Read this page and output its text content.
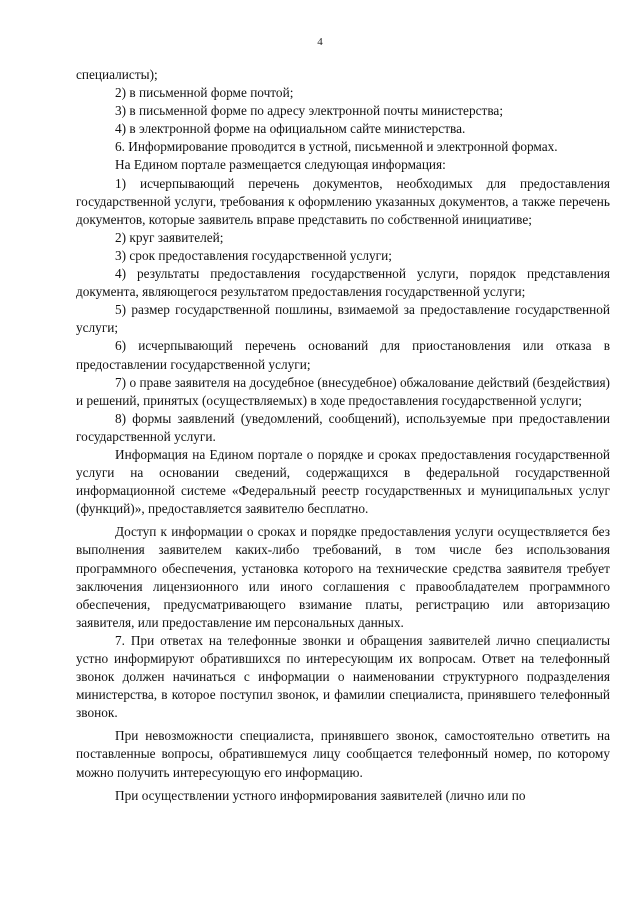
4

специалисты);

2) в письменной форме почтой;

3) в письменной форме по адресу электронной почты министерства;

4) в электронной форме на официальном сайте министерства.

6. Информирование проводится в устной, письменной и электронной формах.

На Едином портале размещается следующая информация:

1) исчерпывающий перечень документов, необходимых для предоставления государственной услуги, требования к оформлению указанных документов, а также перечень документов, которые заявитель вправе представить по собственной инициативе;

2) круг заявителей;

3) срок предоставления государственной услуги;

4) результаты предоставления государственной услуги, порядок представления документа, являющегося результатом предоставления государственной услуги;

5) размер государственной пошлины, взимаемой за предоставление государственной услуги;

6) исчерпывающий перечень оснований для приостановления или отказа в предоставлении государственной услуги;

7) о праве заявителя на досудебное (внесудебное) обжалование действий (бездействия) и решений, принятых (осуществляемых) в ходе предоставления государственной услуги;

8) формы заявлений (уведомлений, сообщений), используемые при предоставлении государственной услуги.

Информация на Едином портале о порядке и сроках предоставления государственной услуги на основании сведений, содержащихся в федеральной государственной информационной системе «Федеральный реестр государственных и муниципальных услуг (функций)», предоставляется заявителю бесплатно.

Доступ к информации о сроках и порядке предоставления услуги осуществляется без выполнения заявителем каких-либо требований, в том числе без использования программного обеспечения, установка которого на технические средства заявителя требует заключения лицензионного или иного соглашения с правообладателем программного обеспечения, предусматривающего взимание платы, регистрацию или авторизацию заявителя, или предоставление им персональных данных.

7. При ответах на телефонные звонки и обращения заявителей лично специалисты устно информируют обратившихся по интересующим их вопросам. Ответ на телефонный звонок должен начинаться с информации о наименовании структурного подразделения министерства, в которое поступил звонок, и фамилии специалиста, принявшего телефонный звонок.

При невозможности специалиста, принявшего звонок, самостоятельно ответить на поставленные вопросы, обратившемуся лицу сообщается телефонный номер, по которому можно получить интересующую его информацию.

При осуществлении устного информирования заявителей (лично или по
